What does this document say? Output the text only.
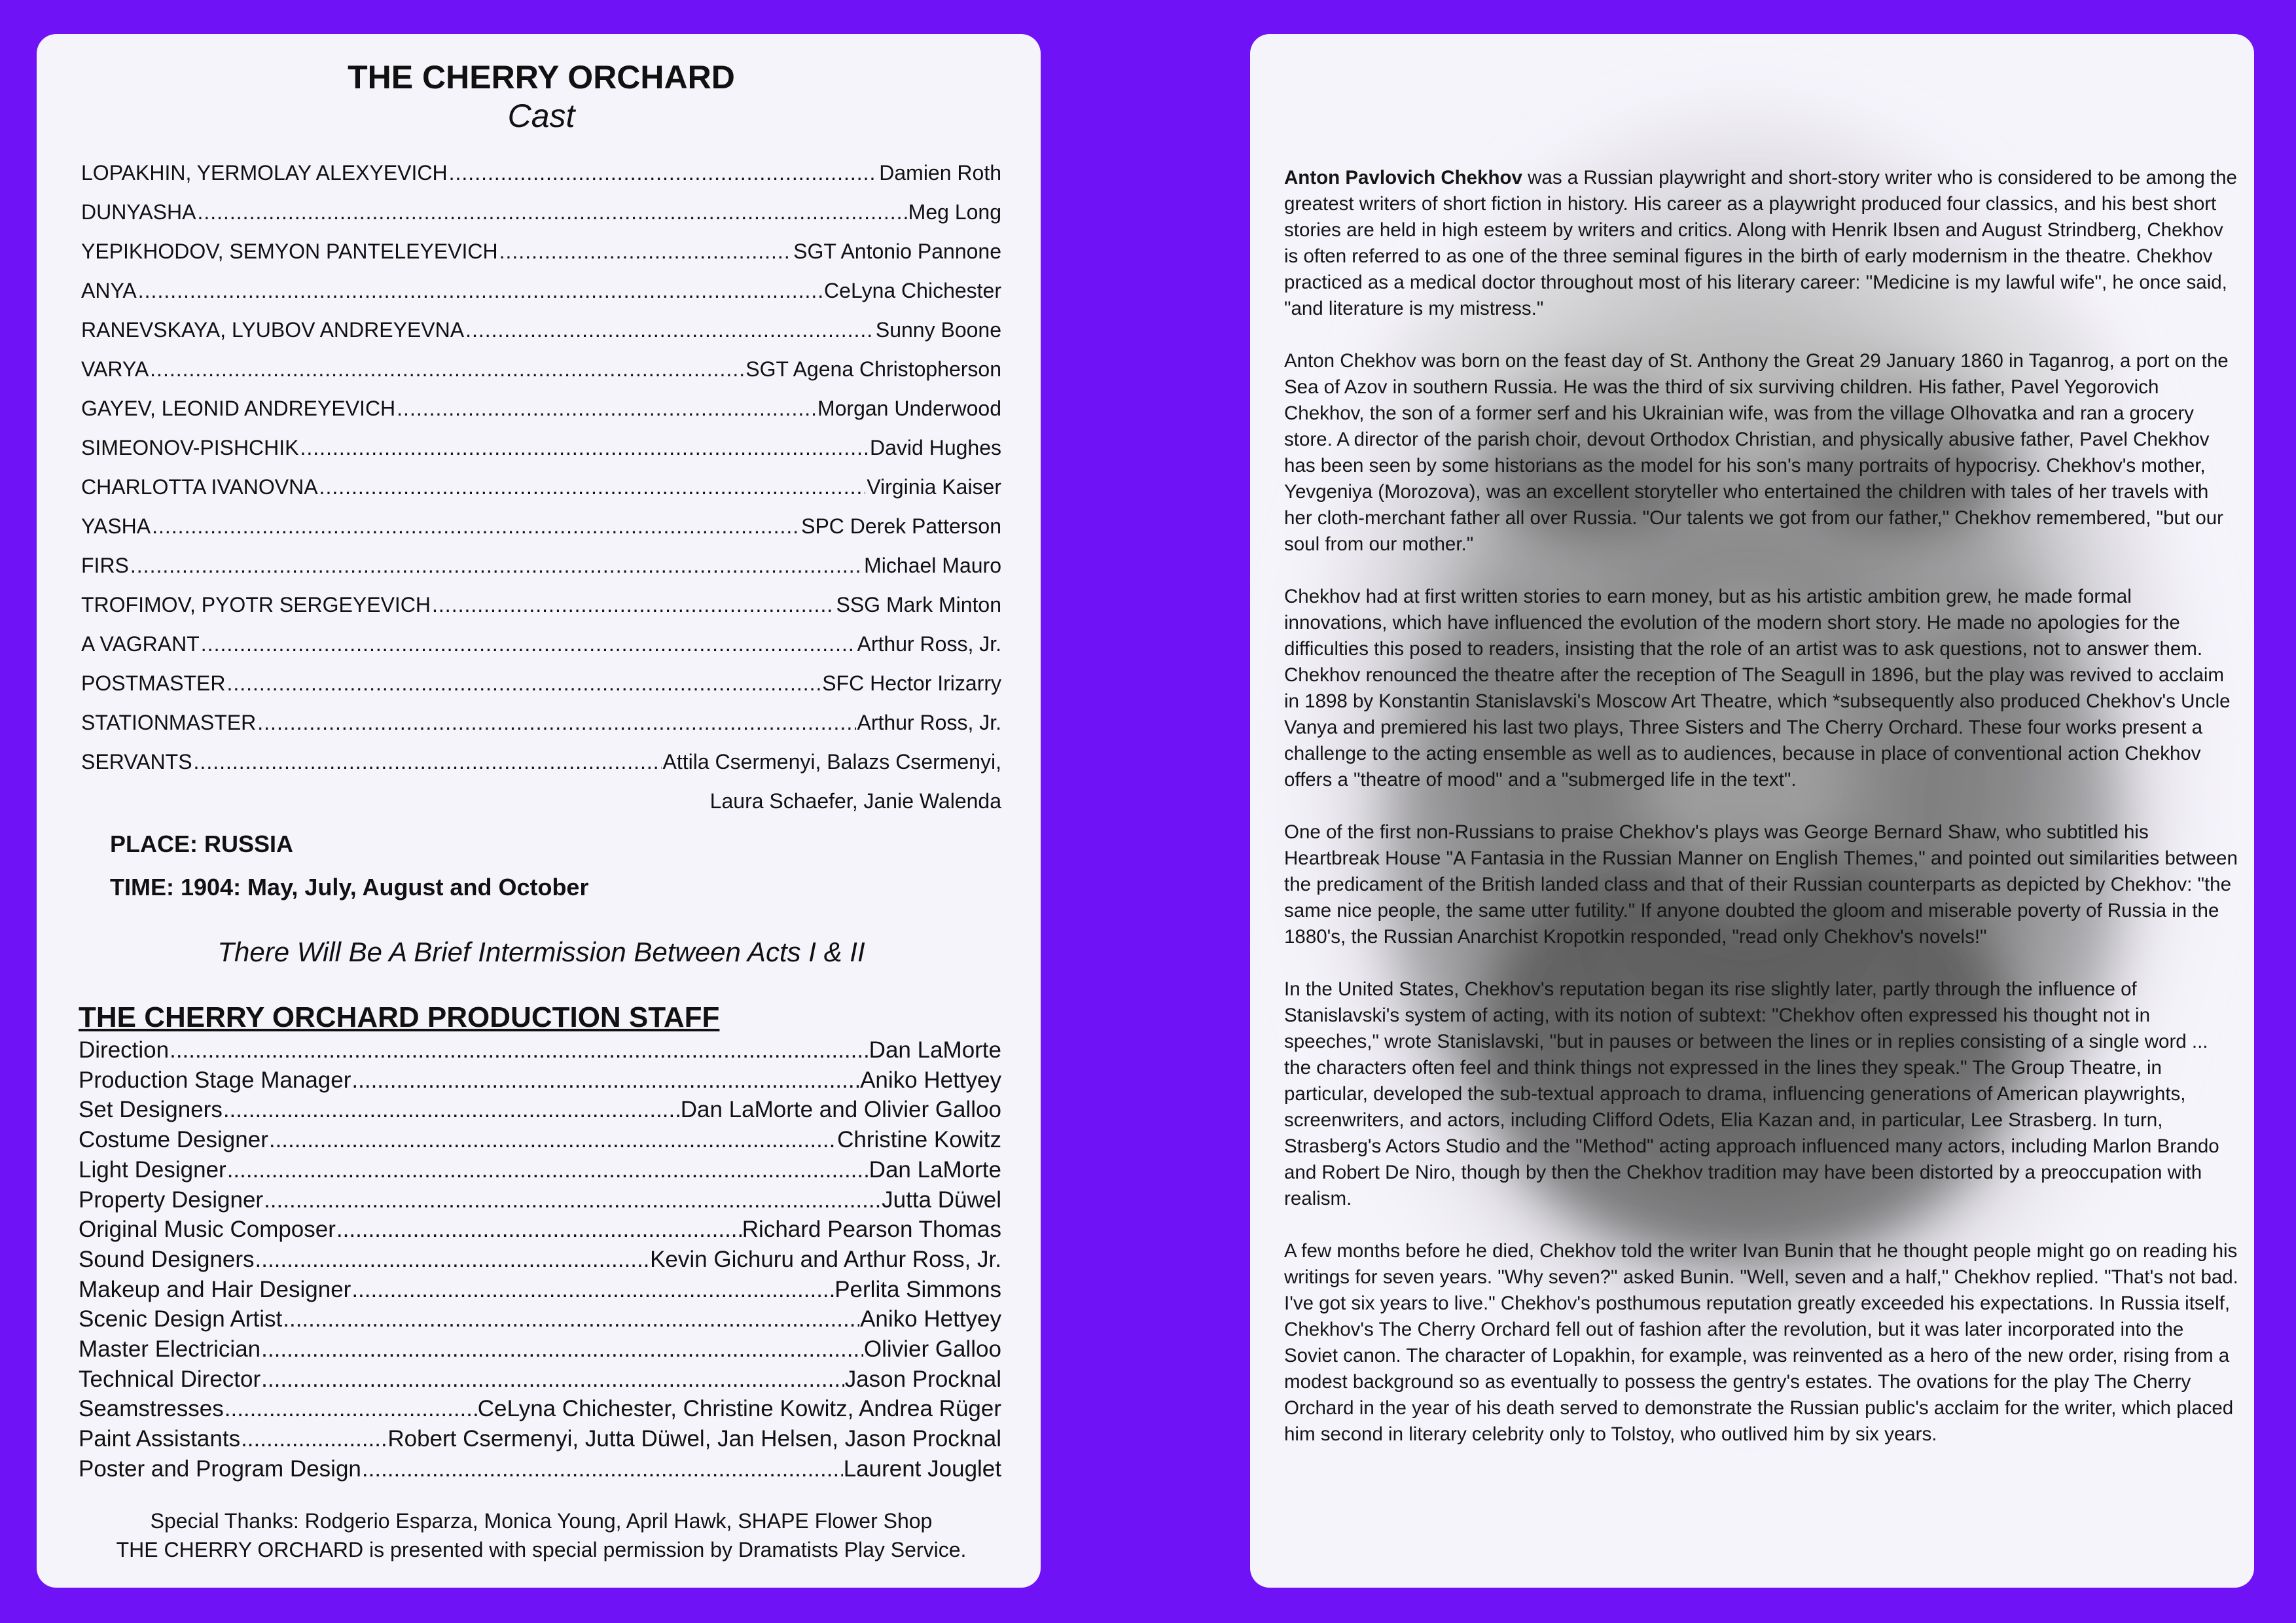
THE CHERRY ORCHARD
Cast
LOPAKHIN, YERMOLAY ALEXYEVICH .....	Damien Roth
DUNYASHA .....	Meg Long
YEPIKHODOV, SEMYON PANTELEYEVICH .....	SGT Antonio Pannone
ANYA .....	CeLyna Chichester
RANEVSKAYA, LYUBOV ANDREYEVNA .....	Sunny Boone
VARYA .....	SGT Agena Christopherson
GAYEV, LEONID ANDREYEVICH .....	Morgan Underwood
SIMEONOV-PISHCHIK .....	David Hughes
CHARLOTTA IVANOVNA .....	Virginia Kaiser
YASHA .....	SPC Derek Patterson
FIRS .....	Michael Mauro
TROFIMOV, PYOTR SERGEYEVICH .....	SSG Mark Minton
A VAGRANT .....	Arthur Ross, Jr.
POSTMASTER .....	SFC Hector Irizarry
STATIONMASTER .....	Arthur Ross, Jr.
SERVANTS .....	Attila Csermenyi, Balazs Csermenyi,
Laura Schaefer, Janie Walenda
PLACE: RUSSIA
TIME: 1904: May, July, August and October
There Will Be A Brief Intermission Between Acts I & II
THE CHERRY ORCHARD PRODUCTION STAFF
Direction .....	Dan LaMorte
Production Stage Manager .....	Aniko Hettyey
Set Designers .....	Dan LaMorte and Olivier Galloo
Costume Designer .....	Christine Kowitz
Light Designer .....	Dan LaMorte
Property Designer .....	Jutta Düwel
Original Music Composer .....	Richard Pearson Thomas
Sound Designers .....	Kevin Gichuru and Arthur Ross, Jr.
Makeup and Hair Designer .....	Perlita Simmons
Scenic Design Artist .....	Aniko Hettyey
Master Electrician .....	Olivier Galloo
Technical Director .....	Jason Procknal
Seamstresses .....	CeLyna Chichester, Christine Kowitz, Andrea Rüger
Paint Assistants .....	Robert Csermenyi, Jutta Düwel, Jan Helsen, Jason Procknal
Poster and Program Design .....	Laurent Jouglet
Special Thanks: Rodgerio Esparza, Monica Young, April Hawk, SHAPE Flower Shop
THE CHERRY ORCHARD is presented with special permission by Dramatists Play Service.

Anton Pavlovich Chekhov was a Russian playwright and short-story writer who is considered to be among the greatest writers of short fiction in history. His career as a playwright produced four classics, and his best short stories are held in high esteem by writers and critics. Along with Henrik Ibsen and August Strindberg, Chekhov is often referred to as one of the three seminal figures in the birth of early modernism in the theatre. Chekhov practiced as a medical doctor throughout most of his literary career: "Medicine is my lawful wife", he once said, "and literature is my mistress."

Anton Chekhov was born on the feast day of St. Anthony the Great 29 January 1860 in Taganrog, a port on the Sea of Azov in southern Russia. He was the third of six surviving children. His father, Pavel Yegorovich Chekhov, the son of a former serf and his Ukrainian wife, was from the village Olhovatka and ran a grocery store. A director of the parish choir, devout Orthodox Christian, and physically abusive father, Pavel Chekhov has been seen by some historians as the model for his son's many portraits of hypocrisy. Chekhov's mother, Yevgeniya (Morozova), was an excellent storyteller who entertained the children with tales of her travels with her cloth-merchant father all over Russia. "Our talents we got from our father," Chekhov remembered, "but our soul from our mother."

Chekhov had at first written stories to earn money, but as his artistic ambition grew, he made formal innovations, which have influenced the evolution of the modern short story. He made no apologies for the difficulties this posed to readers, insisting that the role of an artist was to ask questions, not to answer them. Chekhov renounced the theatre after the reception of The Seagull in 1896, but the play was revived to acclaim in 1898 by Konstantin Stanislavski's Moscow Art Theatre, which *subsequently also produced Chekhov's Uncle Vanya and premiered his last two plays, Three Sisters and The Cherry Orchard. These four works present a challenge to the acting ensemble as well as to audiences, because in place of conventional action Chekhov offers a "theatre of mood" and a "submerged life in the text".

One of the first non-Russians to praise Chekhov's plays was George Bernard Shaw, who subtitled his Heartbreak House "A Fantasia in the Russian Manner on English Themes," and pointed out similarities between the predicament of the British landed class and that of their Russian counterparts as depicted by Chekhov: "the same nice people, the same utter futility." If anyone doubted the gloom and miserable poverty of Russia in the 1880's, the Russian Anarchist Kropotkin responded, "read only Chekhov's novels!"

In the United States, Chekhov's reputation began its rise slightly later, partly through the influence of Stanislavski's system of acting, with its notion of subtext: "Chekhov often expressed his thought not in speeches," wrote Stanislavski, "but in pauses or between the lines or in replies consisting of a single word ... the characters often feel and think things not expressed in the lines they speak." The Group Theatre, in particular, developed the sub-textual approach to drama, influencing generations of American playwrights, screenwriters, and actors, including Clifford Odets, Elia Kazan and, in particular, Lee Strasberg. In turn, Strasberg's Actors Studio and the "Method" acting approach influenced many actors, including Marlon Brando and Robert De Niro, though by then the Chekhov tradition may have been distorted by a preoccupation with realism.

A few months before he died, Chekhov told the writer Ivan Bunin that he thought people might go on reading his writings for seven years. "Why seven?" asked Bunin. "Well, seven and a half," Chekhov replied. "That's not bad. I've got six years to live." Chekhov's posthumous reputation greatly exceeded his expectations. In Russia itself, Chekhov's The Cherry Orchard fell out of fashion after the revolution, but it was later incorporated into the Soviet canon. The character of Lopakhin, for example, was reinvented as a hero of the new order, rising from a modest background so as eventually to possess the gentry's estates. The ovations for the play The Cherry Orchard in the year of his death served to demonstrate the Russian public's acclaim for the writer, which placed him second in literary celebrity only to Tolstoy, who outlived him by six years.
